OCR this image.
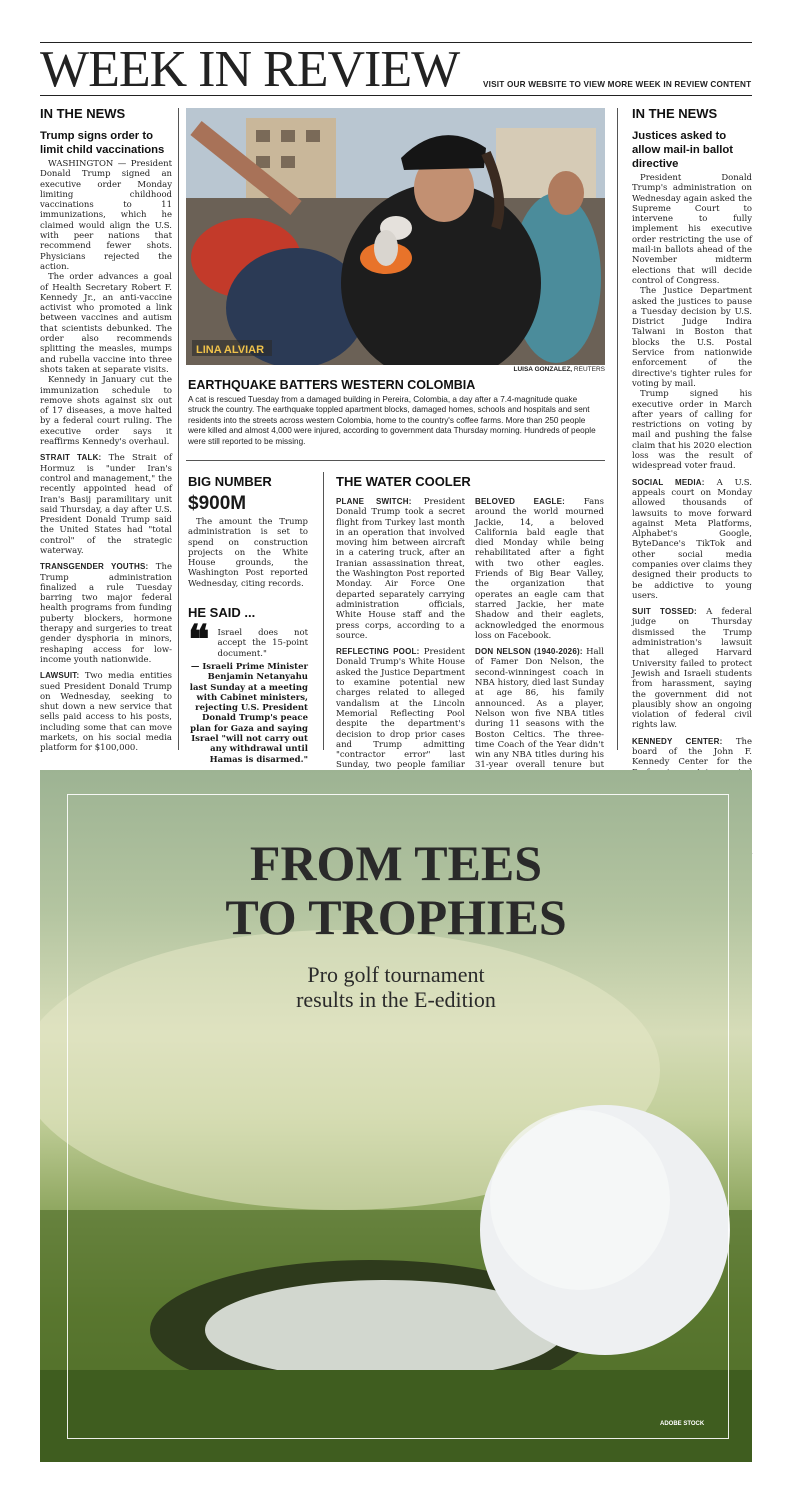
WEEK IN REVIEW	VISIT OUR WEBSITE TO VIEW MORE WEEK IN REVIEW CONTENT
IN THE NEWS
Trump signs order to limit child vaccinations

WASHINGTON — President Donald Trump signed an executive order Monday limiting childhood vaccinations to 11 immunizations, which he claimed would align the U.S. with peer nations that recommend fewer shots. Physicians rejected the action.

The order advances a goal of Health Secretary Robert F. Kennedy Jr., an anti-vaccine activist who promoted a link between vaccines and autism that scientists debunked. The order also recommends splitting the measles, mumps and rubella vaccine into three shots taken at separate visits.

Kennedy in January cut the immunization schedule to remove shots against six out of 17 diseases, a move halted by a federal court ruling. The executive order says it reaffirms Kennedy's overhaul.

STRAIT TALK: The Strait of Hormuz is "under Iran's control and management," the recently appointed head of Iran's Basij paramilitary unit said Thursday, a day after U.S. President Donald Trump said the United States had "total control" of the strategic waterway.

TRANSGENDER YOUTHS: The Trump administration finalized a rule Tuesday barring two major federal health programs from funding puberty blockers, hormone therapy and surgeries to treat gender dysphoria in minors, reshaping access for low-income youth nationwide.

LAWSUIT: Two media entities sued President Donald Trump on Wednesday, seeking to shut down a new service that sells paid access to his posts, including some that can move markets, on his social media platform for $100,000.

LINA ALVIAR
LUISA GONZALEZ, REUTERS
EARTHQUAKE BATTERS WESTERN COLOMBIA
A cat is rescued Tuesday from a damaged building in Pereira, Colombia, a day after a 7.4-magnitude quake struck the country. The earthquake toppled apartment blocks, damaged homes, schools and hospitals and sent residents into the streets across western Colombia, home to the country's coffee farms. More than 250 people were killed and almost 4,000 were injured, according to government data Thursday morning. Hundreds of people were still reported to be missing.
BIG NUMBER
$900M

The amount the Trump administration is set to spend on construction projects on the White House grounds, the Washington Post reported Wednesday, citing records.

HE SAID ...
❝ Israel does not accept the 15-point document."
— Israeli Prime Minister Benjamin Netanyahu last Sunday at a meeting with Cabinet ministers, rejecting U.S. President Donald Trump's peace plan for Gaza and saying Israel "will not carry out any withdrawal until Hamas is disarmed."
THE WATER COOLER

PLANE SWITCH: President Donald Trump took a secret flight from Turkey last month in an operation that involved moving him between aircraft in a catering truck, after an Iranian assassination threat, the Washington Post reported Monday. Air Force One departed separately carrying administration officials, White House staff and the press corps, according to a source.

REFLECTING POOL: President Donald Trump's White House asked the Justice Department to examine potential new charges related to alleged vandalism at the Lincoln Memorial Reflecting Pool despite the department's decision to drop prior cases and Trump admitting "contractor error" last Sunday, two people familiar

BELOVED EAGLE: Fans around the world mourned Jackie, 14, a beloved California bald eagle that died Monday while being rehabilitated after a fight with two other eagles. Friends of Big Bear Valley, the organization that operates an eagle cam that starred Jackie, her mate Shadow and their eaglets, acknowledged the enormous loss on Facebook.

DON NELSON (1940-2026): Hall of Famer Don Nelson, the second-winningest coach in NBA history, died last Sunday at age 86, his family announced. As a player, Nelson won five NBA titles during 11 seasons with the Boston Celtics. The three-time Coach of the Year didn't win any NBA titles during his 31-year overall tenure but

IN THE NEWS
Justices asked to allow mail-in ballot directive

President Donald Trump's administration on Wednesday again asked the Supreme Court to intervene to fully implement his executive order restricting the use of mail-in ballots ahead of the November midterm elections that will decide control of Congress.

The Justice Department asked the justices to pause a Tuesday decision by U.S. District Judge Indira Talwani in Boston that blocks the U.S. Postal Service from nationwide enforcement of the directive's tighter rules for voting by mail.

Trump signed his executive order in March after years of calling for restrictions on voting by mail and pushing the false claim that his 2020 election loss was the result of widespread voter fraud.

SOCIAL MEDIA: A U.S. appeals court on Monday allowed thousands of lawsuits to move forward against Meta Platforms, Alphabet's Google, ByteDance's TikTok and other social media companies over claims they designed their products to be addictive to young users.

SUIT TOSSED: A federal judge on Thursday dismissed the Trump administration's lawsuit that alleged Harvard University failed to protect Jewish and Israeli students from harassment, saying the government did not plausibly show an ongoing violation of federal civil rights law.

KENNEDY CENTER: The board of the John F. Kennedy Center for the

FROM TEES
TO TROPHIES
Pro golf tournament
results in the E-edition
ADOBE STOCK
